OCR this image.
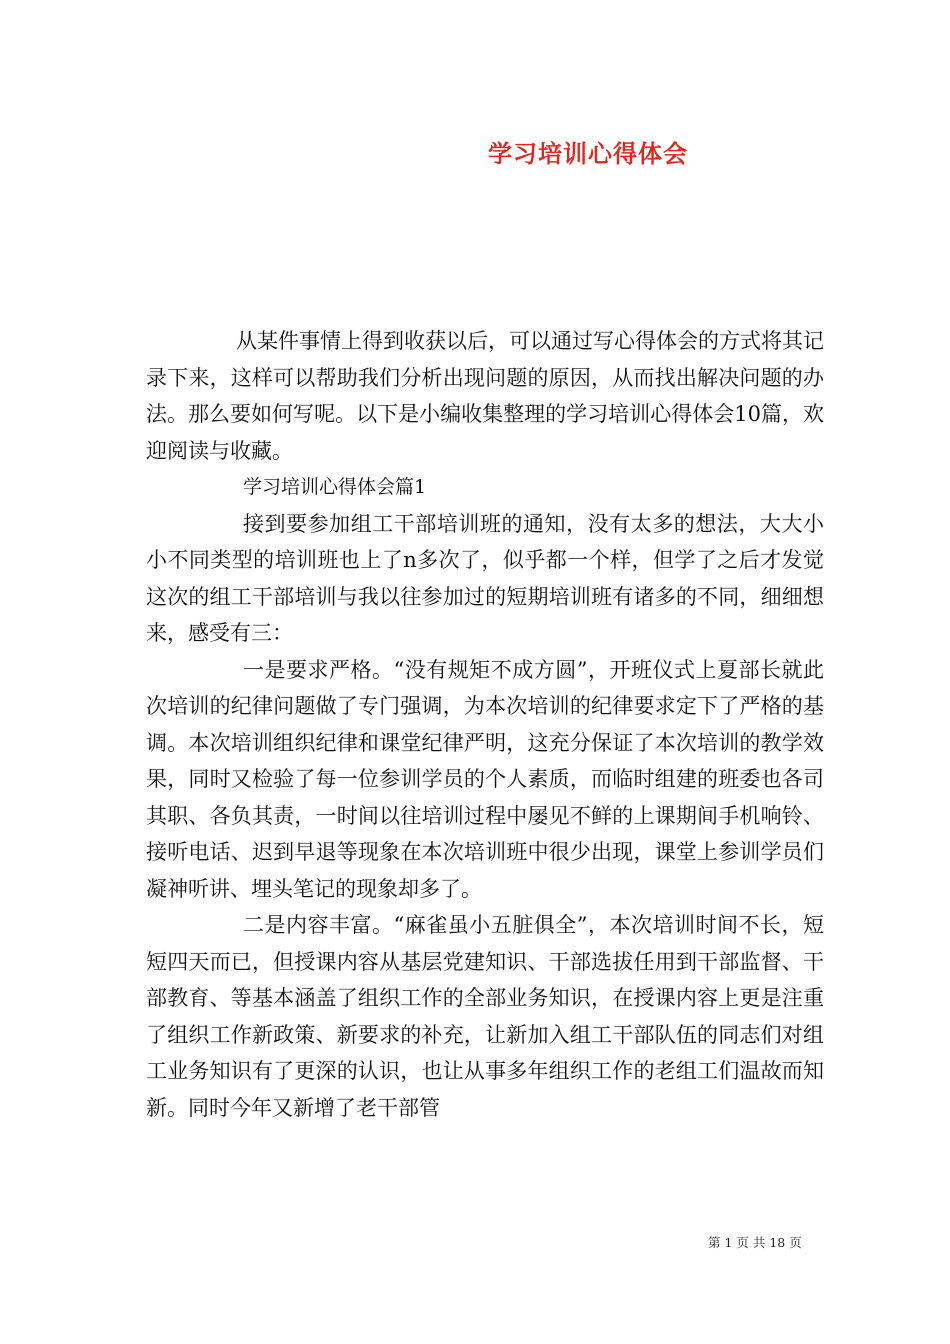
学习培训心得体会

从某件事情上得到收获以后，可以通过写心得体会的方式将其记录下来，这样可以帮助我们分析出现问题的原因，从而找出解决问题的办法。那么要如何写呢。以下是小编收集整理的学习培训心得体会10篇，欢迎阅读与收藏。

学习培训心得体会篇1

接到要参加组工干部培训班的通知，没有太多的想法，大大小小不同类型的培训班也上了n多次了，似乎都一个样，但学了之后才发觉这次的组工干部培训与我以往参加过的短期培训班有诸多的不同，细细想来，感受有三：

一是要求严格。“没有规矩不成方圆”，开班仪式上夏部长就此次培训的纪律问题做了专门强调，为本次培训的纪律要求定下了严格的基调。本次培训组织纪律和课堂纪律严明，这充分保证了本次培训的教学效果，同时又检验了每一位参训学员的个人素质，而临时组建的班委也各司其职、各负其责，一时间以往培训过程中屡见不鲜的上课期间手机响铃、接听电话、迟到早退等现象在本次培训班中很少出现，课堂上参训学员们凝神听讲、埋头笔记的现象却多了。

二是内容丰富。“麻雀虽小五脏俱全”，本次培训时间不长，短短四天而已，但授课内容从基层党建知识、干部选拔任用到干部监督、干部教育、等基本涵盖了组织工作的全部业务知识，在授课内容上更是注重了组织工作新政策、新要求的补充，让新加入组工干部队伍的同志们对组工业务知识有了更深的认识，也让从事多年组织工作的老组工们温故而知新。同时今年又新增了老干部管

第 1 页 共 18 页
